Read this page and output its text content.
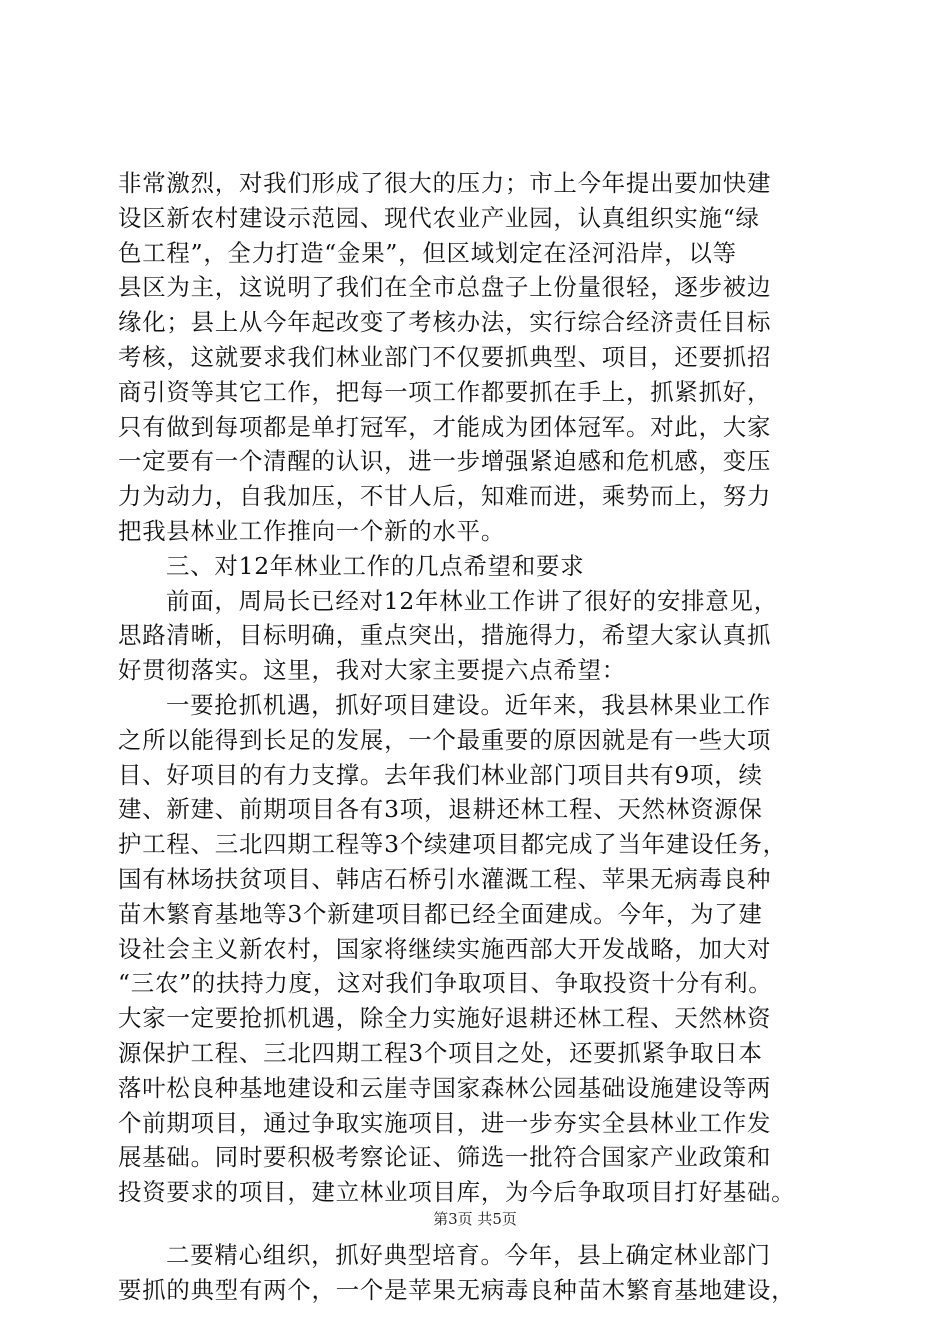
非常激烈，对我们形成了很大的压力；市上今年提出要加快建
设区新农村建设示范园、现代农业产业园，认真组织实施“绿
色工程”，全力打造“金果”，但区域划定在泾河沿岸，以等
县区为主，这说明了我们在全市总盘子上份量很轻，逐步被边
缘化；县上从今年起改变了考核办法，实行综合经济责任目标
考核，这就要求我们林业部门不仅要抓典型、项目，还要抓招
商引资等其它工作，把每一项工作都要抓在手上，抓紧抓好，
只有做到每项都是单打冠军，才能成为团体冠军。对此，大家
一定要有一个清醒的认识，进一步增强紧迫感和危机感，变压
力为动力，自我加压，不甘人后，知难而进，乘势而上，努力
把我县林业工作推向一个新的水平。
三、对12年林业工作的几点希望和要求
前面，周局长已经对12年林业工作讲了很好的安排意见，
思路清晰，目标明确，重点突出，措施得力，希望大家认真抓
好贯彻落实。这里，我对大家主要提六点希望：
一要抢抓机遇，抓好项目建设。近年来，我县林果业工作
之所以能得到长足的发展，一个最重要的原因就是有一些大项
目、好项目的有力支撑。去年我们林业部门项目共有9项，续
建、新建、前期项目各有3项，退耕还林工程、天然林资源保
护工程、三北四期工程等3个续建项目都完成了当年建设任务，
国有林场扶贫项目、韩店石桥引水灌溉工程、苹果无病毒良种
苗木繁育基地等3个新建项目都已经全面建成。今年，为了建
设社会主义新农村，国家将继续实施西部大开发战略，加大对
“三农”的扶持力度，这对我们争取项目、争取投资十分有利。
大家一定要抢抓机遇，除全力实施好退耕还林工程、天然林资
源保护工程、三北四期工程3个项目之处，还要抓紧争取日本
落叶松良种基地建设和云崖寺国家森林公园基础设施建设等两
个前期项目，通过争取实施项目，进一步夯实全县林业工作发
展基础。同时要积极考察论证、筛选一批符合国家产业政策和
投资要求的项目，建立林业项目库，为今后争取项目打好基础。
二要精心组织，抓好典型培育。今年，县上确定林业部门
要抓的典型有两个，一个是苹果无病毒良种苗木繁育基地建设，
第3页 共5页
